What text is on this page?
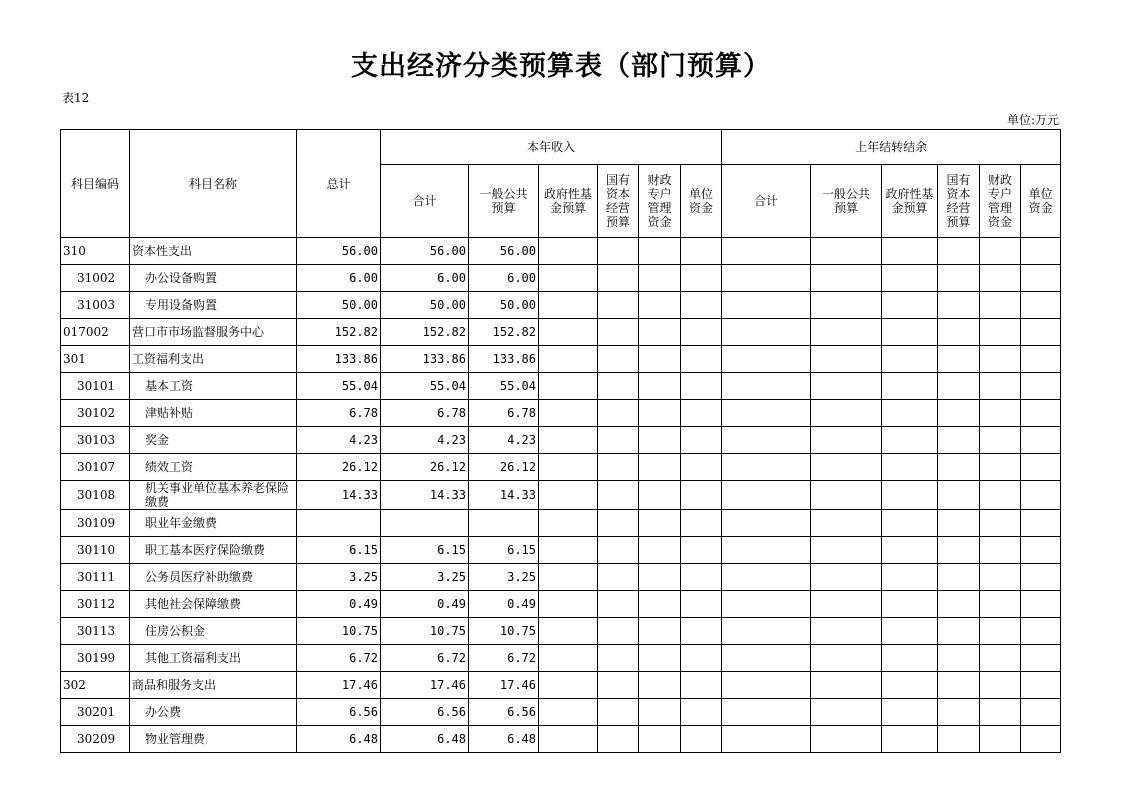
支出经济分类预算表（部门预算）
表12
单位:万元
科目编码	科目名称	总计	本年收入						上年结转结余					
			合计	一般公共预算	政府性基金预算	国有资本经营预算	财政专户管理资金	单位资金	合计	一般公共预算	政府性基金预算	国有资本经营预算	财政专户管理资金	单位资金
310	资本性支出	56.00	56.00	56.00										
31002	办公设备购置	6.00	6.00	6.00										
31003	专用设备购置	50.00	50.00	50.00										
017002	营口市市场监督服务中心	152.82	152.82	152.82										
301	工资福利支出	133.86	133.86	133.86										
30101	基本工资	55.04	55.04	55.04										
30102	津贴补贴	6.78	6.78	6.78										
30103	奖金	4.23	4.23	4.23										
30107	绩效工资	26.12	26.12	26.12										
30108	机关事业单位基本养老保险缴费	14.33	14.33	14.33										
30109	职业年金缴费													
30110	职工基本医疗保险缴费	6.15	6.15	6.15										
30111	公务员医疗补助缴费	3.25	3.25	3.25										
30112	其他社会保障缴费	0.49	0.49	0.49										
30113	住房公积金	10.75	10.75	10.75										
30199	其他工资福利支出	6.72	6.72	6.72										
302	商品和服务支出	17.46	17.46	17.46										
30201	办公费	6.56	6.56	6.56										
30209	物业管理费	6.48	6.48	6.48										
